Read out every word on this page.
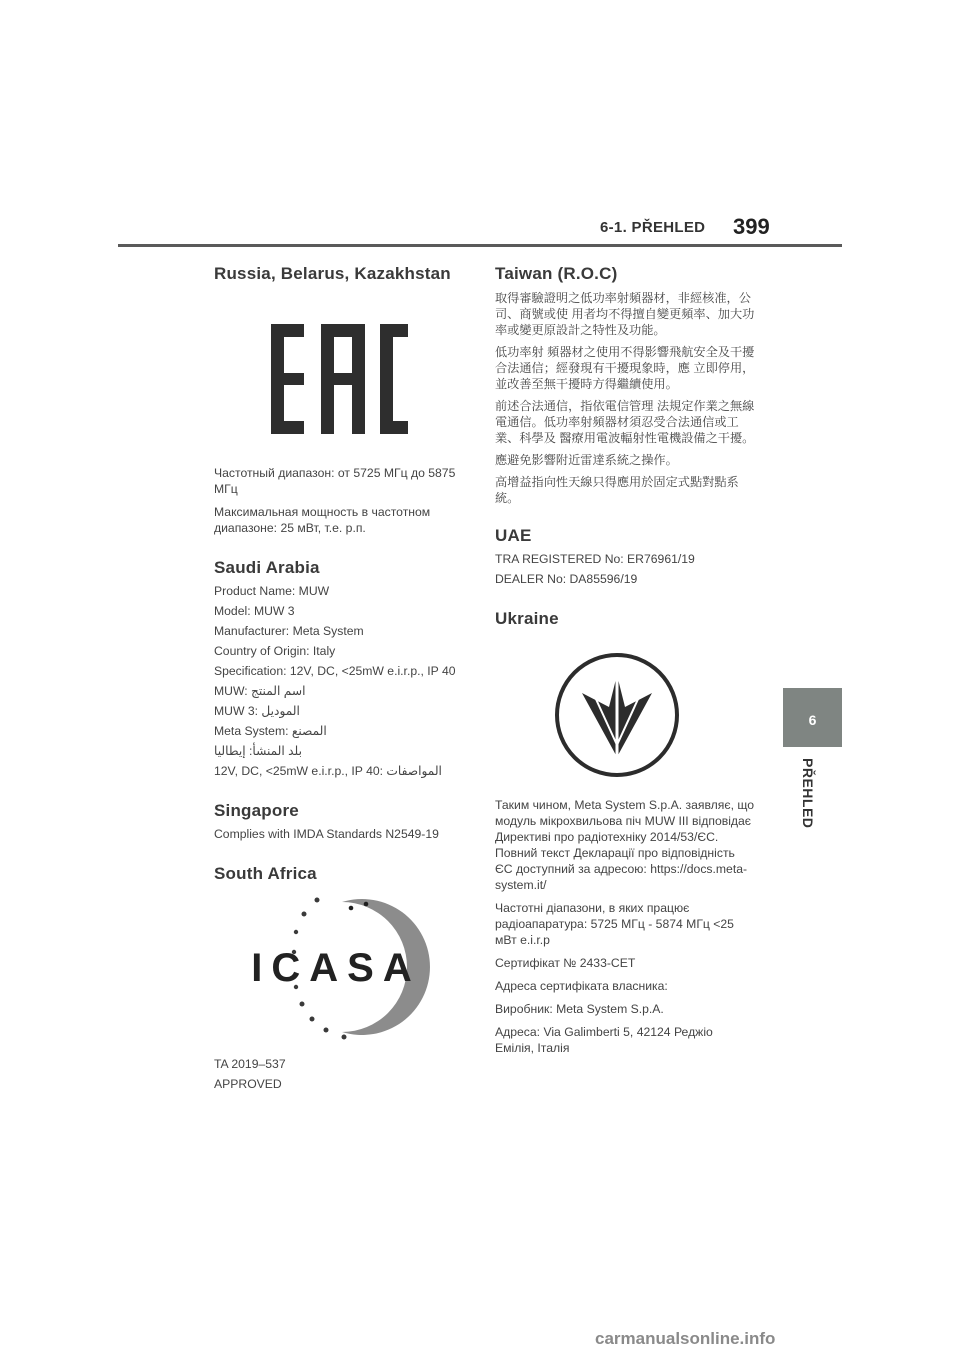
6-1. PŘEHLED 399
Russia, Belarus, Kazakhstan

Частотный диапазон: от 5725 МГц до 5875 МГц

Максимальная мощность в частотном диапазоне: 25 мВт, т.е. р.п.

Saudi Arabia

Product Name: MUW

Model: MUW 3

Manufacturer: Meta System

Country of Origin: Italy

Specification: 12V, DC, <25mW e.i.r.p., IP 40

MUW: اسم المنتج

MUW 3: الموديل

Meta System: المصنع

بلد المنشأ: إيطاليا

12V, DC, <25mW e.i.r.p., IP 40: المواصفات

Singapore

Complies with IMDA Standards N2549-19

South Africa
ICASA

TA 2019–537

APPROVED

Taiwan (R.O.C)

取得審驗證明之低功率射頻器材，非經核准，公司、商號或使 用者均不得擅自變更頻率、加大功率或變更原設計之特性及功能。

低功率射 頻器材之使用不得影響飛航安全及干擾合法通信；經發現有干擾現象時，應 立即停用，並改善至無干擾時方得繼續使用。

前述合法通信，指依電信管理 法規定作業之無線電通信。低功率射頻器材須忍受合法通信或工業、科學及 醫療用電波輻射性電機設備之干擾。

應避免影響附近雷達系統之操作。

高增益指向性天線只得應用於固定式點對點系統。

UAE

TRA REGISTERED No: ER76961/19

DEALER No: DA85596/19

Ukraine

Таким чином, Meta System S.p.A. заявляє, що модуль мікрохвильова піч MUW III відповідає Директиві про радіотехніку 2014/53/ЄС. Повний текст Декларації про відповідність ЄС доступний за адресою: https://docs.meta-system.it/

Частотні діапазони, в яких працює радіоапаратура: 5725 МГц - 5874 МГц <25 мВт e.i.r.p

Сертифікат № 2433-СЕТ

Адреса сертифіката власника:

Виробник: Meta System S.p.A.

Адреса: Via Galimberti 5, 42124 Реджіо Емілія, Італія

6
PŘEHLED
carmanualsonline.info
